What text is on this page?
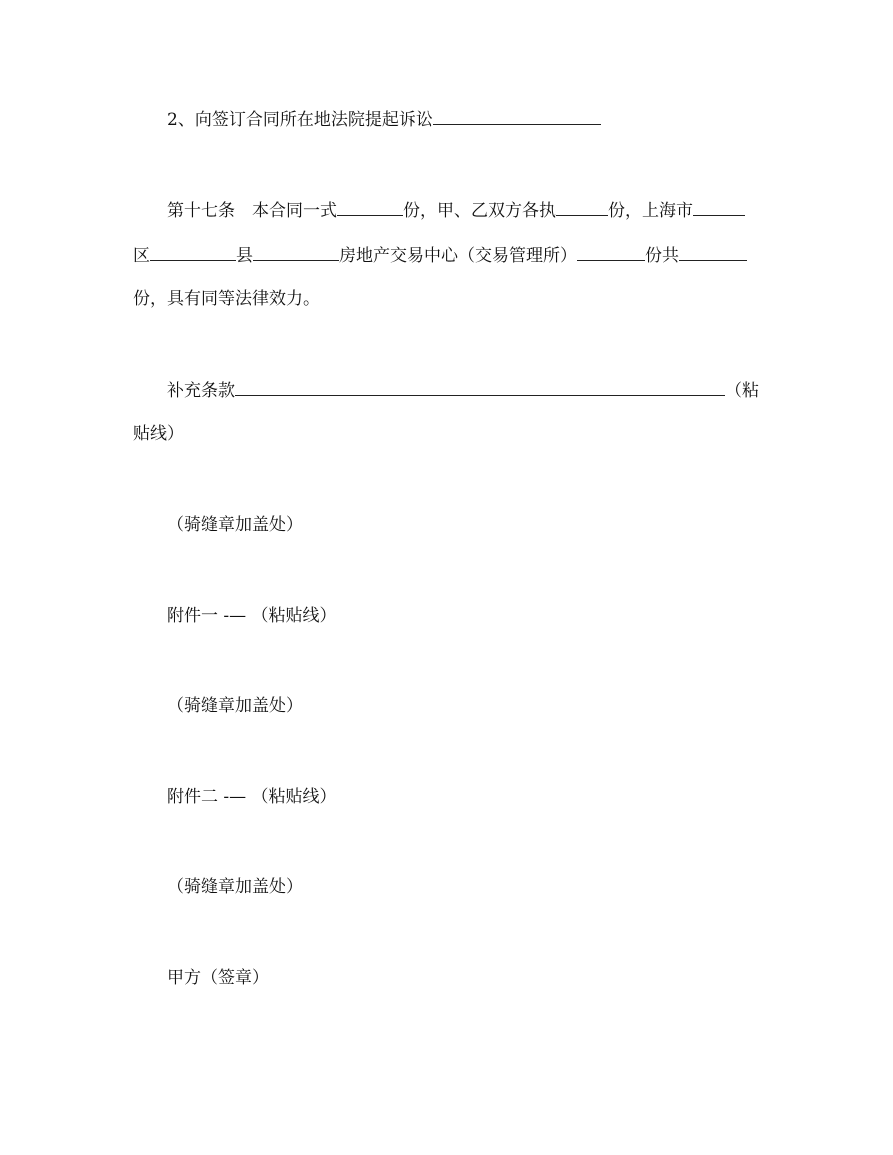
2、向签订合同所在地法院提起诉讼
第十七条 本合同一式	份，甲、乙双方各执	份，上海市
区	县	房地产交易中心（交易管理所）	份共
份，具有同等法律效力。
补充条款	（粘
贴线）
（骑缝章加盖处）
附件一 -— （粘贴线）
（骑缝章加盖处）
附件二 -— （粘贴线）
（骑缝章加盖处）
甲方（签章）
